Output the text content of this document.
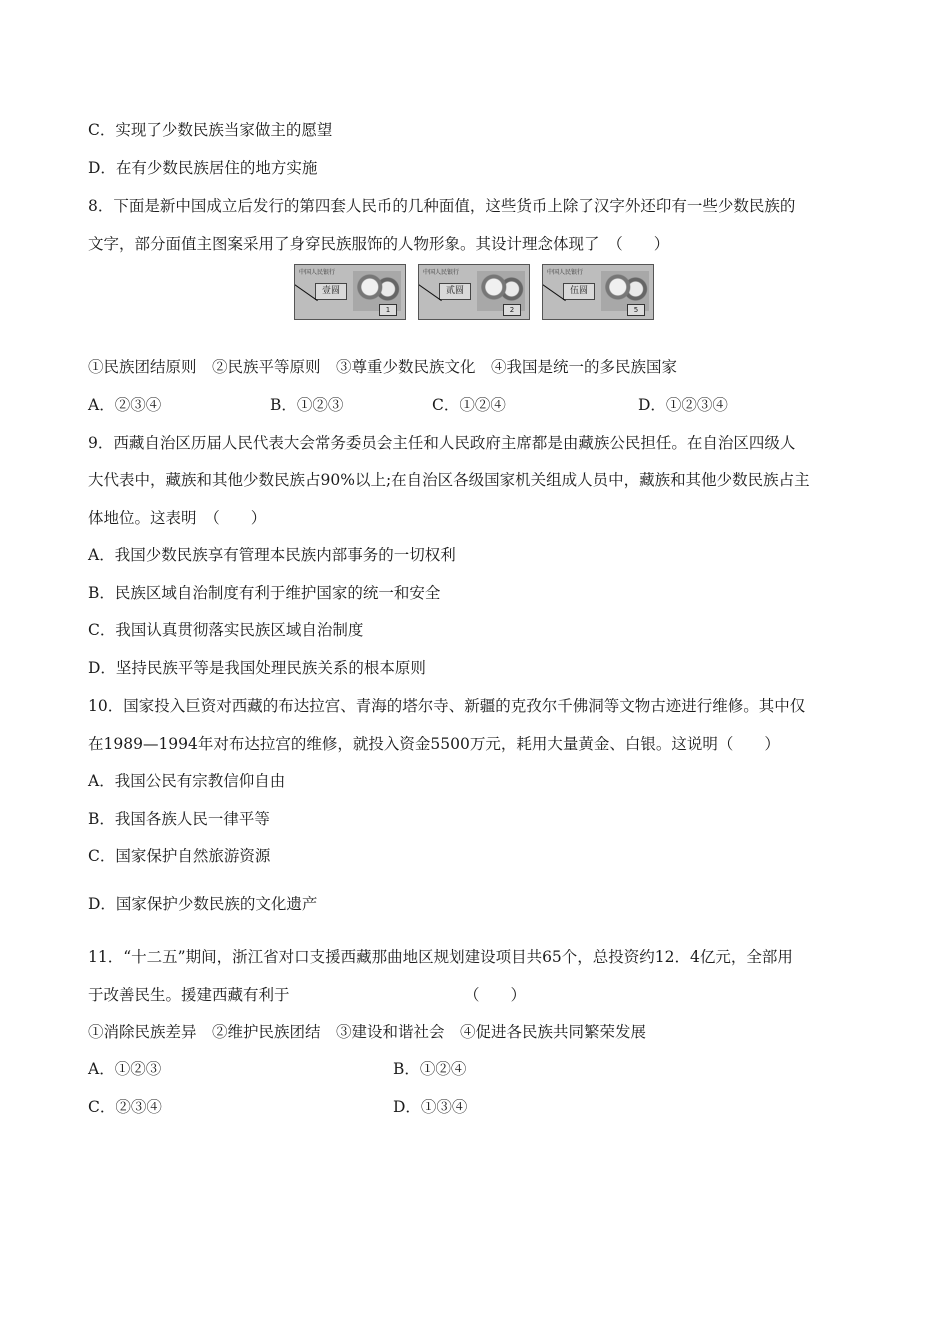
C．实现了少数民族当家做主的愿望
D．在有少数民族居住的地方实施
8．下面是新中国成立后发行的第四套人民币的几种面值，这些货币上除了汉字外还印有一些少数民族的
文字，部分面值主图案采用了身穿民族服饰的人物形象。其设计理念体现了　（　　）
中国人民银行
壹圆
1
中国人民银行
贰圆
2
中国人民银行
伍圆
5
①民族团结原则　②民族平等原则　③尊重少数民族文化　④我国是统一的多民族国家
A．②③④	B．①②③	C．①②④	D．①②③④
9．西藏自治区历届人民代表大会常务委员会主任和人民政府主席都是由藏族公民担任。在自治区四级人
大代表中，藏族和其他少数民族占90%以上;在自治区各级国家机关组成人员中，藏族和其他少数民族占主
体地位。这表明　（　　）
A．我国少数民族享有管理本民族内部事务的一切权利
B．民族区域自治制度有利于维护国家的统一和安全
C．我国认真贯彻落实民族区域自治制度
D．坚持民族平等是我国处理民族关系的根本原则
10．国家投入巨资对西藏的布达拉宫、青海的塔尔寺、新疆的克孜尔千佛洞等文物古迹进行维修。其中仅
在1989—1994年对布达拉宫的维修，就投入资金5500万元，耗用大量黄金、白银。这说明（　　）
A．我国公民有宗教信仰自由
B．我国各族人民一律平等
C．国家保护自然旅游资源
D．国家保护少数民族的文化遗产
11．“十二五”期间，浙江省对口支援西藏那曲地区规划建设项目共65个，总投资约12．4亿元，全部用
于改善民生。援建西藏有利于	（　　）
①消除民族差异　②维护民族团结　③建设和谐社会　④促进各民族共同繁荣发展
A．①②③	B．①②④
C．②③④	D．①③④
